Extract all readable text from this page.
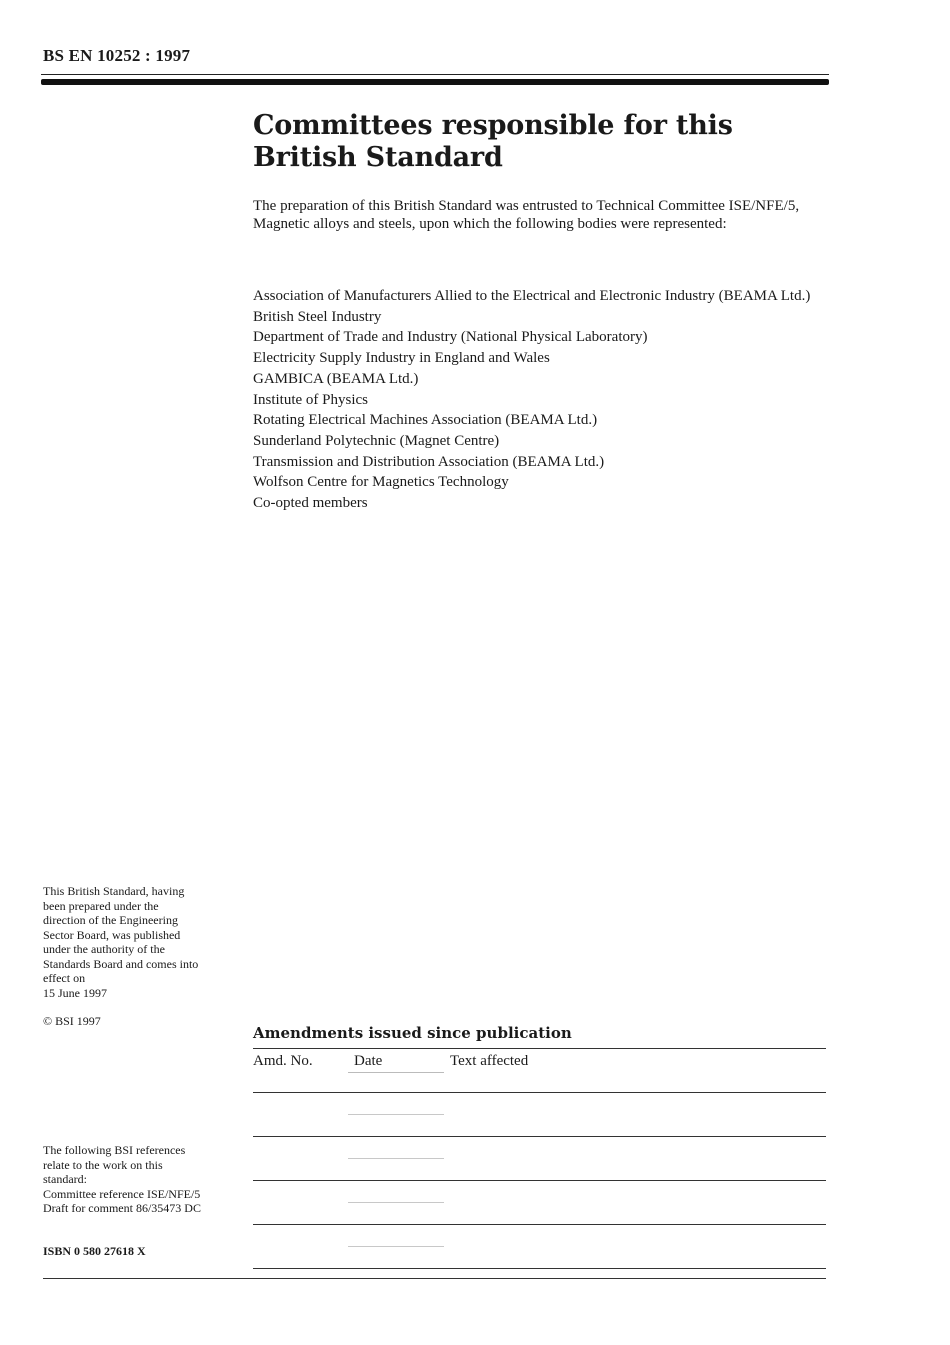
BS EN 10252 : 1997
Committees responsible for this
British Standard

The preparation of this British Standard was entrusted to Technical Committee ISE/NFE/5, Magnetic alloys and steels, upon which the following bodies were represented:

Association of Manufacturers Allied to the Electrical and Electronic Industry (BEAMA Ltd.)
British Steel Industry
Department of Trade and Industry (National Physical Laboratory)
Electricity Supply Industry in England and Wales
GAMBICA (BEAMA Ltd.)
Institute of Physics
Rotating Electrical Machines Association (BEAMA Ltd.)
Sunderland Polytechnic (Magnet Centre)
Transmission and Distribution Association (BEAMA Ltd.)
Wolfson Centre for Magnetics Technology
Co-opted members
This British Standard, having
been prepared under the
direction of the Engineering
Sector Board, was published
under the authority of the
Standards Board and comes into
effect on
15 June 1997

© BSI 1997

The following BSI references
relate to the work on this
standard:
Committee reference ISE/NFE/5
Draft for comment 86/35473 DC

ISBN 0 580 27618 X

Amendments issued since publication
Amd. No.	Date	Text affected
